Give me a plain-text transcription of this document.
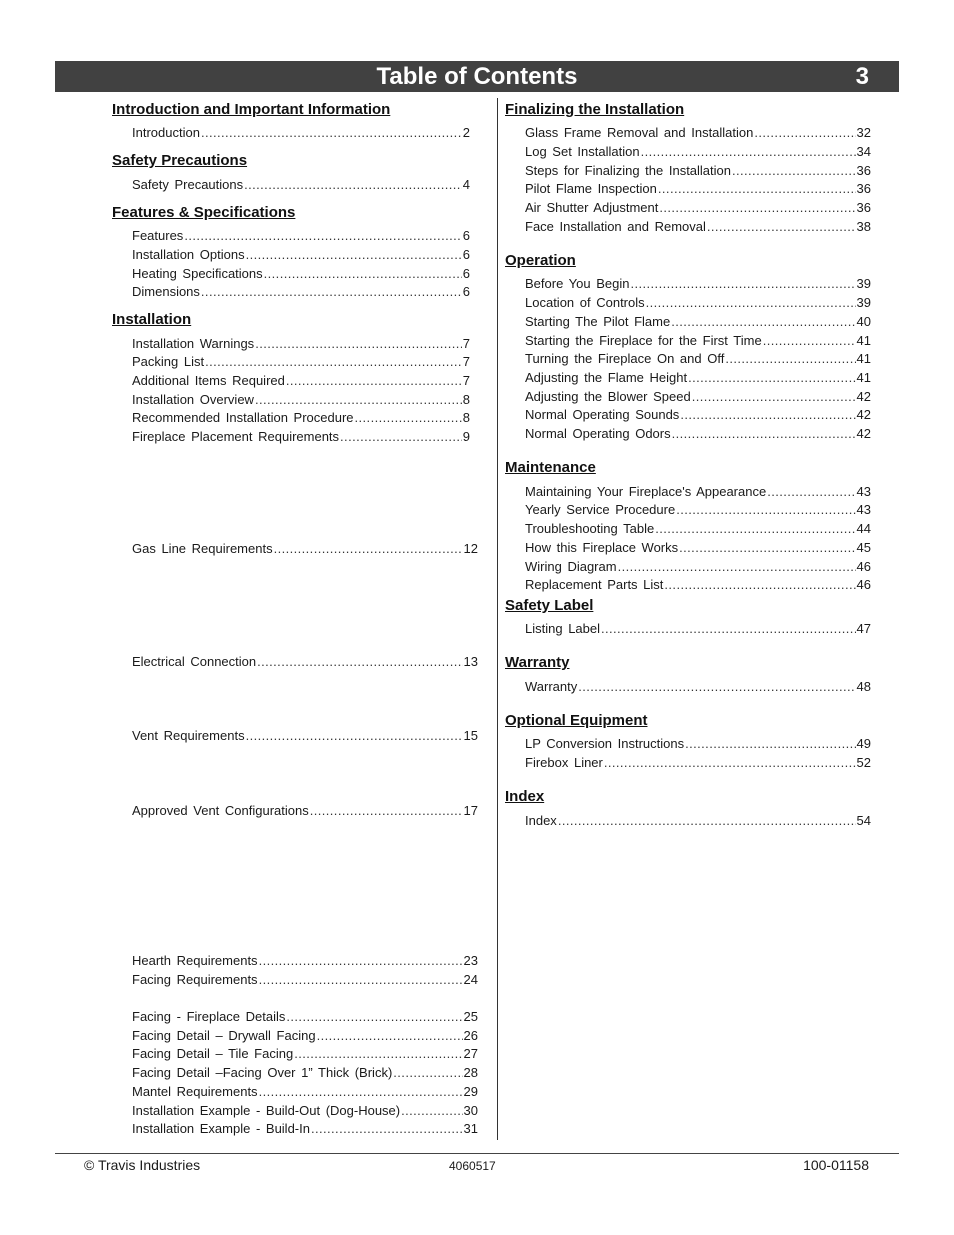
Table of Contents	3
Introduction and Important Information
Introduction .....	2
Safety Precautions
Safety Precautions .....	4
Features & Specifications
Features .....	6
Installation Options .....	6
Heating Specifications .....	6
Dimensions .....	6
Installation
Installation Warnings .....	7
Packing List .....	7
Additional Items Required .....	7
Installation Overview .....	8
Recommended Installation Procedure .....	8
Fireplace Placement Requirements .....	9
Gas Line Requirements .....	12
Electrical Connection .....	13
Vent Requirements .....	15
Approved Vent Configurations .....	17
Hearth Requirements .....	23
Facing Requirements .....	24
Facing - Fireplace Details .....	25
Facing Detail – Drywall Facing .....	26
Facing Detail – Tile Facing .....	27
Facing Detail –Facing Over 1” Thick (Brick) .....	28
Mantel Requirements .....	29
Installation Example - Build-Out (Dog-House) .....	30
Installation Example - Build-In .....	31
Finalizing the Installation
Glass Frame Removal and Installation .....	32
Log Set Installation .....	34
Steps for Finalizing the Installation .....	36
Pilot Flame Inspection .....	36
Air Shutter Adjustment .....	36
Face Installation and Removal .....	38
Operation
Before You Begin .....	39
Location of Controls .....	39
Starting The Pilot Flame .....	40
Starting the Fireplace for the First Time .....	41
Turning the Fireplace On and Off .....	41
Adjusting the Flame Height .....	41
Adjusting the Blower Speed .....	42
Normal Operating Sounds .....	42
Normal Operating Odors .....	42
Maintenance
Maintaining Your Fireplace's Appearance .....	43
Yearly Service Procedure .....	43
Troubleshooting Table .....	44
How this Fireplace Works .....	45
Wiring Diagram .....	46
Replacement Parts List .....	46
Safety Label
Listing Label .....	47
Warranty
Warranty .....	48
Optional Equipment
LP Conversion Instructions .....	49
Firebox Liner .....	52
Index
Index .....	54
© Travis Industries	4060517	100-01158
